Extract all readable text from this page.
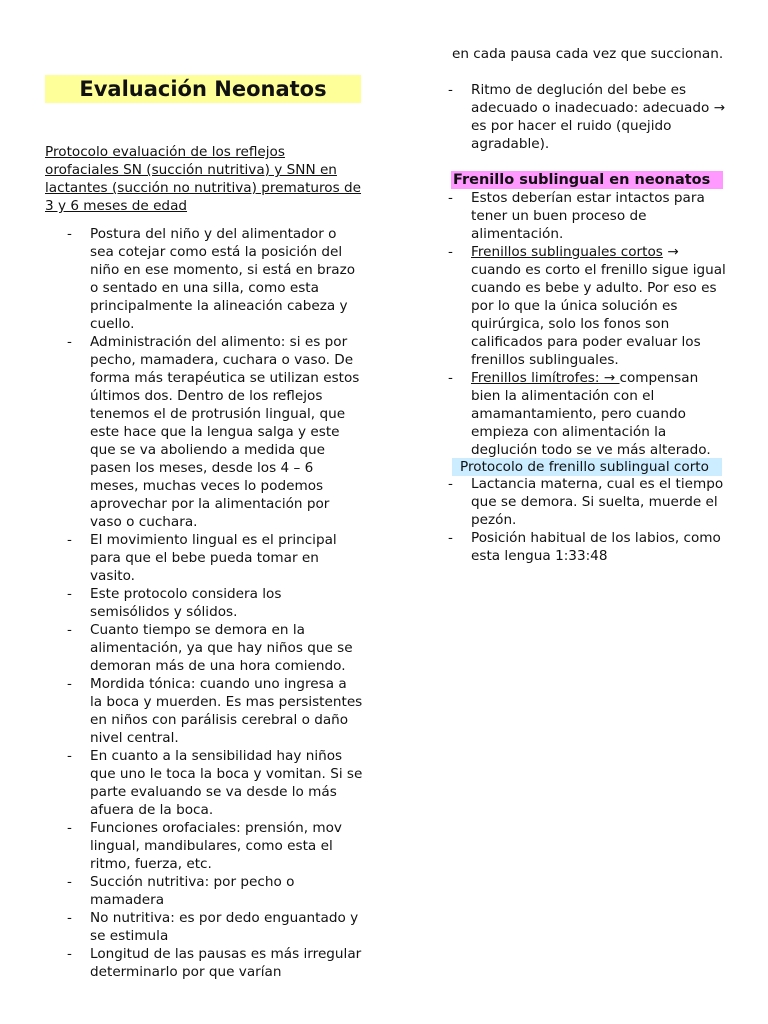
Evaluación Neonatos
Protocolo evaluación de los reflejos orofaciales SN (succión nutritiva) y SNN en lactantes (succión no nutritiva) prematuros de 3 y 6 meses de edad
- Postura del niño y del alimentador o sea cotejar como está la posición del niño en ese momento, si está en brazo o sentado en una silla, como esta principalmente la alineación cabeza y cuello.
- Administración del alimento: si es por pecho, mamadera, cuchara o vaso. De forma más terapéutica se utilizan estos últimos dos. Dentro de los reflejos tenemos el de protrusión lingual, que este hace que la lengua salga y este que se va aboliendo a medida que pasen los meses, desde los 4 – 6 meses, muchas veces lo podemos aprovechar por la alimentación por vaso o cuchara.
- El movimiento lingual es el principal para que el bebe pueda tomar en vasito.
- Este protocolo considera los semisólidos y sólidos.
- Cuanto tiempo se demora en la alimentación, ya que hay niños que se demoran más de una hora comiendo.
- Mordida tónica: cuando uno ingresa a la boca y muerden. Es mas persistentes en niños con parálisis cerebral o daño nivel central.
- En cuanto a la sensibilidad hay niños que uno le toca la boca y vomitan. Si se parte evaluando se va desde lo más afuera de la boca.
- Funciones orofaciales: prensión, mov lingual, mandibulares, como esta el ritmo, fuerza, etc.
- Succión nutritiva: por pecho o mamadera
- No nutritiva: es por dedo enguantado y se estimula
- Longitud de las pausas es más irregular determinarlo por que varían
en cada pausa cada vez que succionan.
- Ritmo de deglución del bebe es adecuado o inadecuado: adecuado → es por hacer el ruido (quejido agradable).
Frenillo sublingual en neonatos
- Estos deberían estar intactos para tener un buen proceso de alimentación.
- Frenillos sublinguales cortos → cuando es corto el frenillo sigue igual cuando es bebe y adulto. Por eso es por lo que la única solución es quirúrgica, solo los fonos son calificados para poder evaluar los frenillos sublinguales.
- Frenillos limítrofes: → compensan bien la alimentación con el amamantamiento, pero cuando empieza con alimentación la deglución todo se ve más alterado.
Protocolo de frenillo sublingual corto
- Lactancia materna, cual es el tiempo que se demora. Si suelta, muerde el pezón.
- Posición habitual de los labios, como esta lengua 1:33:48
